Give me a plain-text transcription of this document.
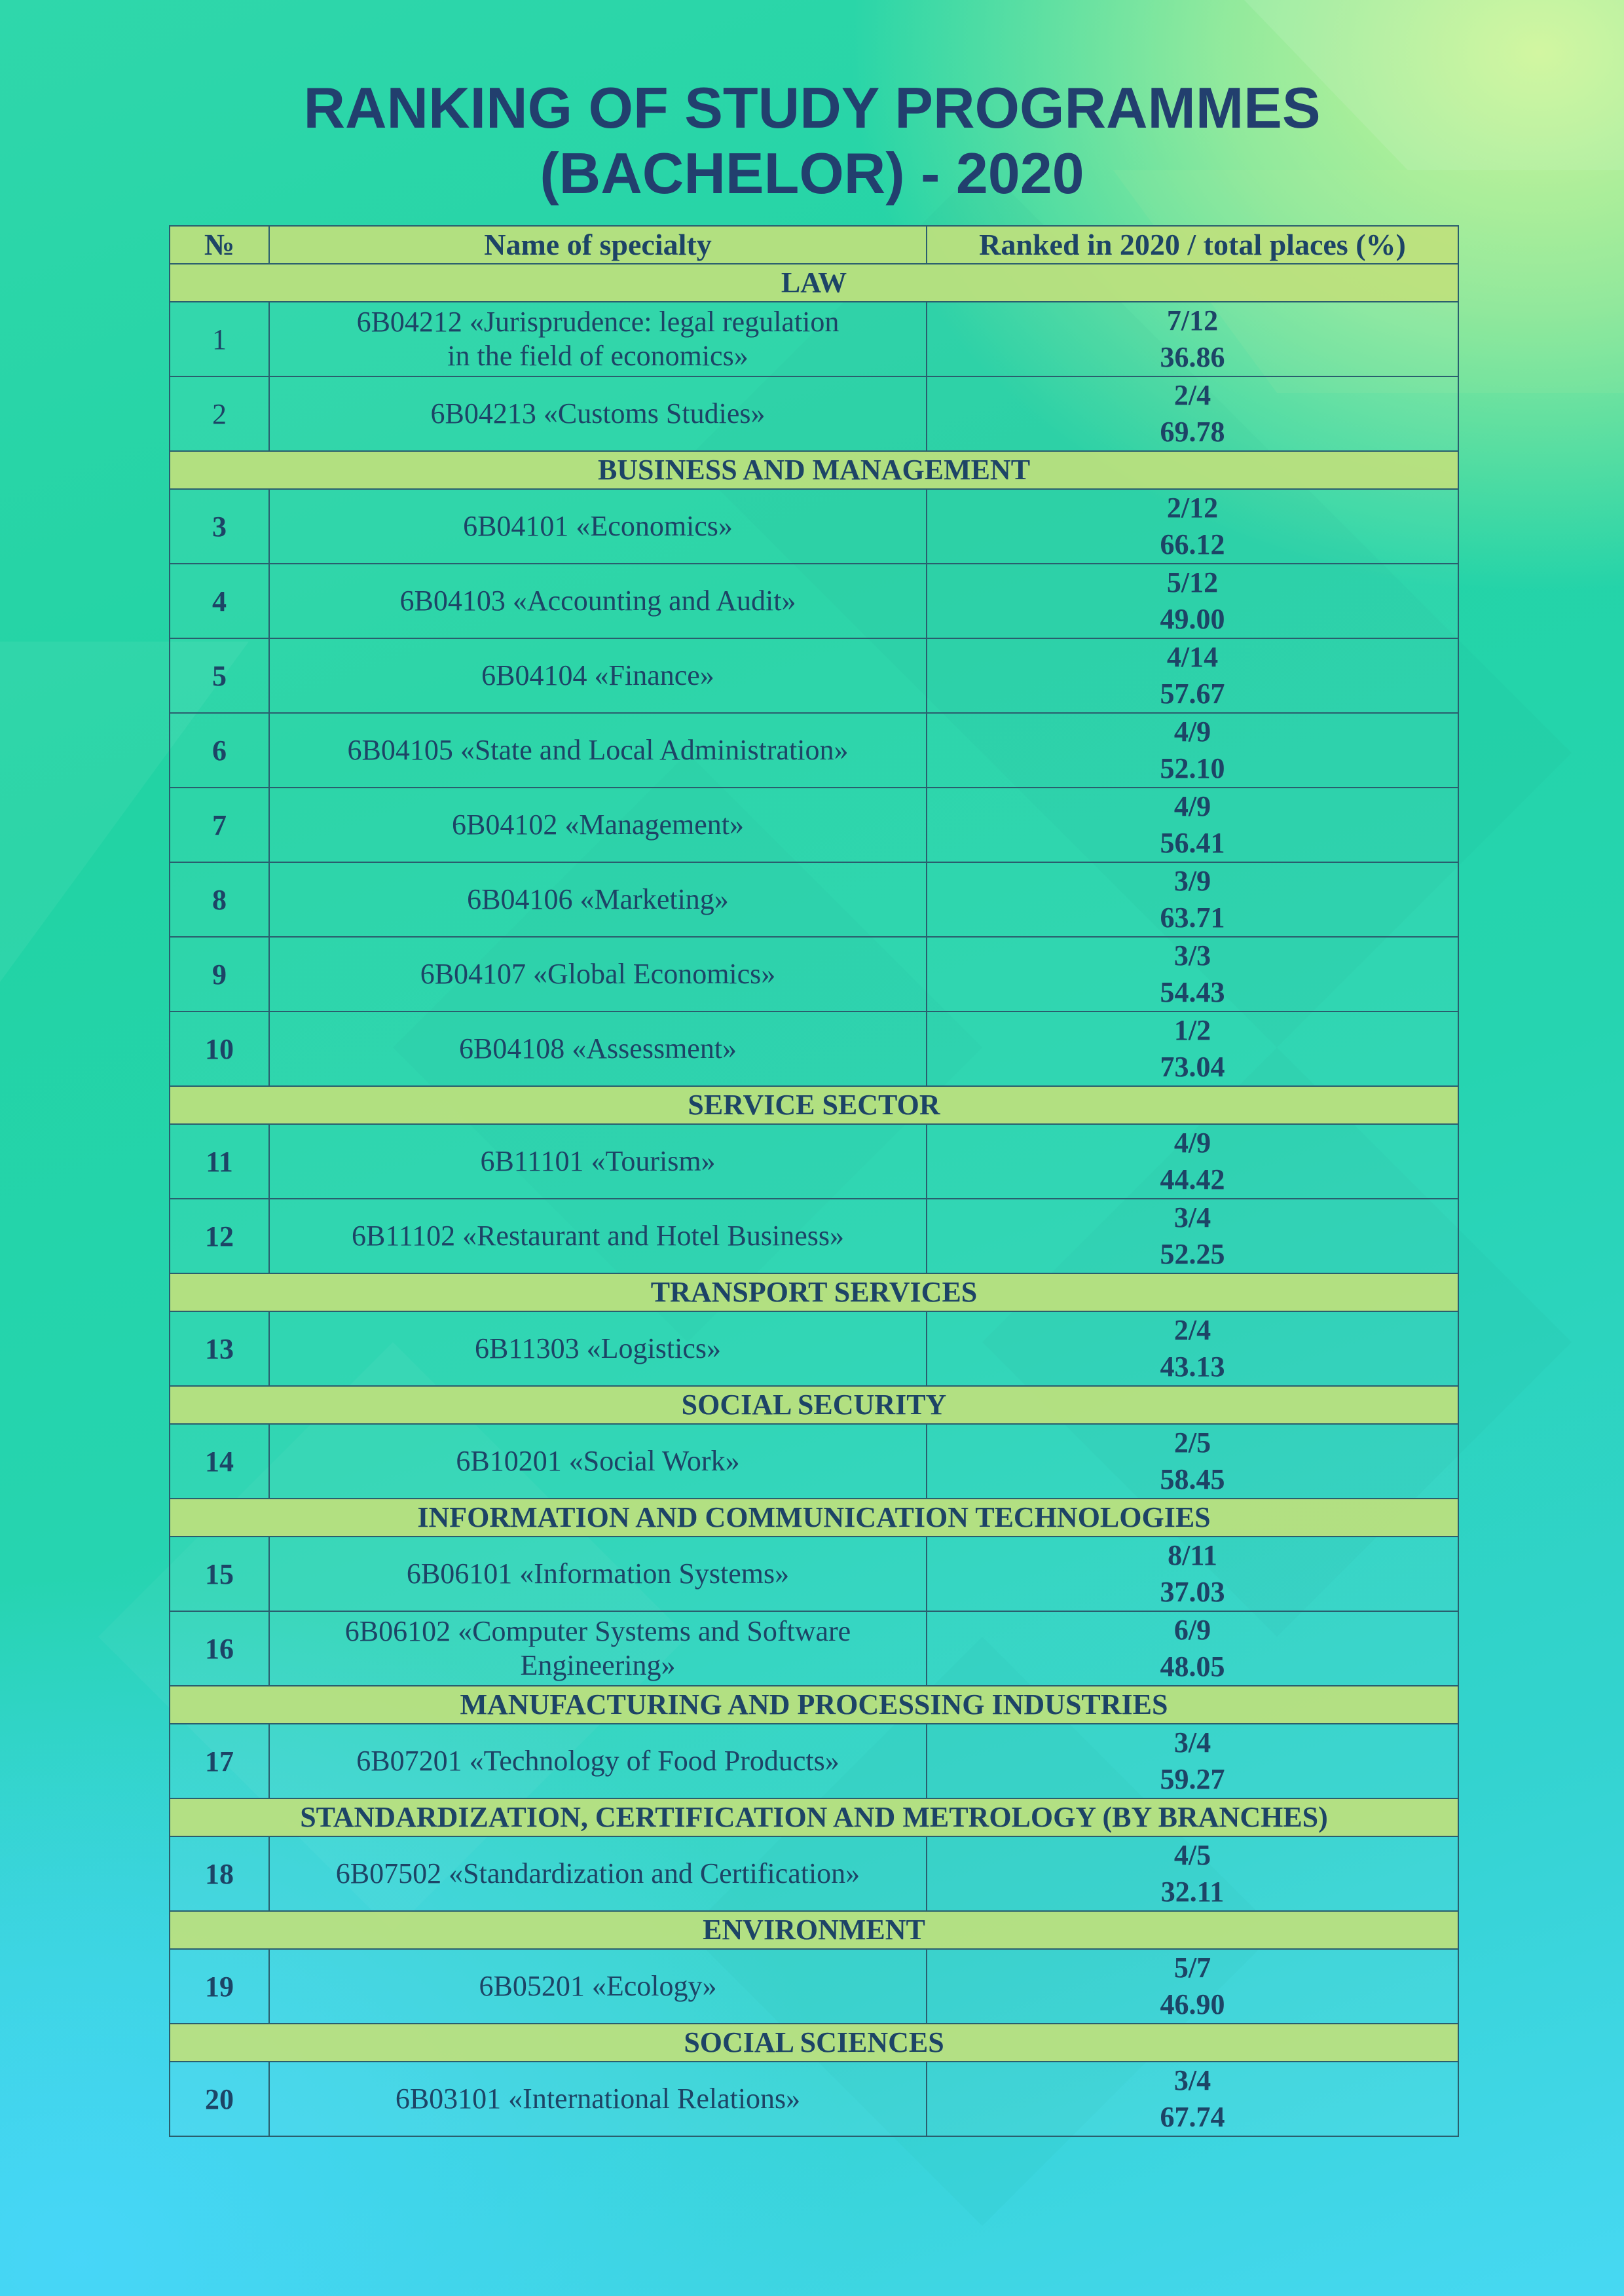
RANKING OF STUDY PROGRAMMES
(BACHELOR) - 2020
№	Name of specialty	Ranked in 2020 / total places (%)
LAW		
1	6B04212 «Jurisprudence: legal regulation
in the field of economics»	7/12
36.86

2	6B04213 «Customs Studies»	2/4
69.78

BUSINESS AND MANAGEMENT		
3	6B04101 «Economics»	2/12
66.12

4	6B04103 «Accounting and Audit»	5/12
49.00

5	6B04104 «Finance»	4/14
57.67

6	6B04105 «State and Local Administration»	4/9
52.10

7	6B04102 «Management»	4/9
56.41

8	6B04106 «Marketing»	3/9
63.71

9	6B04107 «Global Economics»	3/3
54.43

10	6B04108 «Assessment»	1/2
73.04

SERVICE SECTOR		
11	6B11101 «Tourism»	4/9
44.42

12	6B11102 «Restaurant and Hotel Business»	3/4
52.25

TRANSPORT SERVICES		
13	6B11303 «Logistics»	2/4
43.13

SOCIAL SECURITY		
14	6B10201 «Social Work»	2/5
58.45

INFORMATION AND COMMUNICATION TECHNOLOGIES		
15	6B06101 «Information Systems»	8/11
37.03

16	6B06102 «Computer Systems and Software
Engineering»	6/9
48.05

MANUFACTURING AND PROCESSING INDUSTRIES		
17	6B07201 «Technology of Food Products»	3/4
59.27

STANDARDIZATION, CERTIFICATION AND METROLOGY (BY BRANCHES)		
18	6B07502 «Standardization and Certification»	4/5
32.11

ENVIRONMENT		
19	6B05201 «Ecology»	5/7
46.90

SOCIAL SCIENCES		
20	6B03101 «International Relations»	3/4
67.74
